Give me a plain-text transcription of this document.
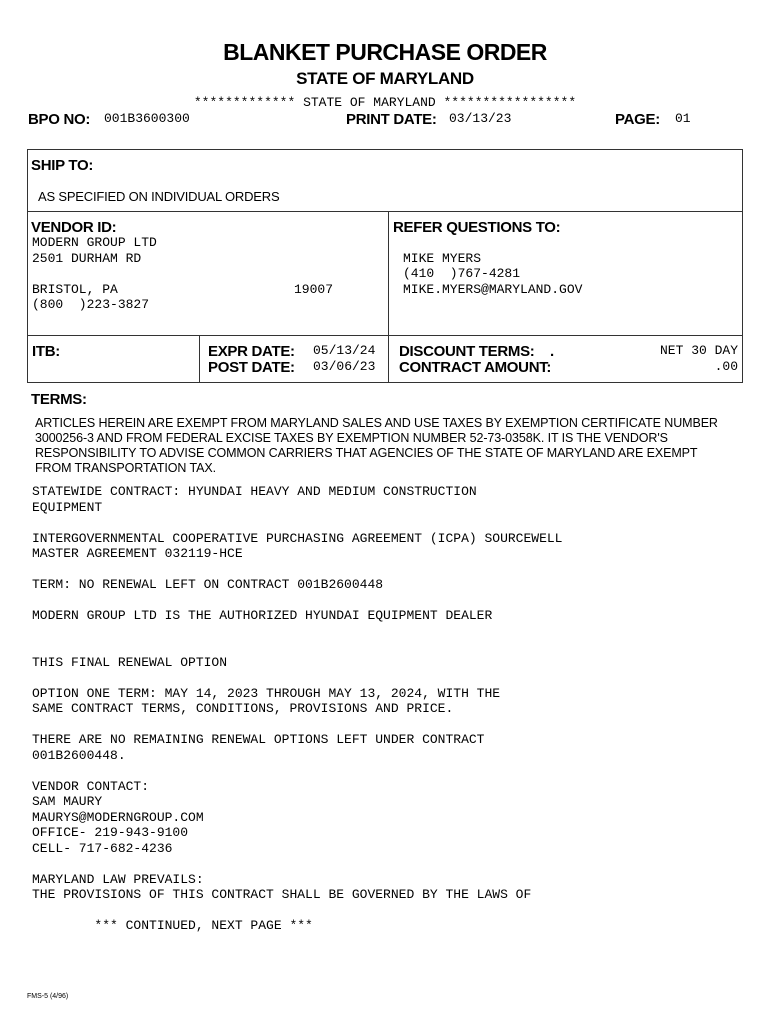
BLANKET PURCHASE ORDER
STATE OF MARYLAND
************* STATE OF MARYLAND *****************
BPO NO: 001B3600300	PRINT DATE: 03/13/23	PAGE: 01
SHIP TO:
AS SPECIFIED ON INDIVIDUAL ORDERS
VENDOR ID:
MODERN GROUP LTD
2501 DURHAM RD
BRISTOL, PA	19007
(800  )223-3827
REFER QUESTIONS TO:
MIKE MYERS
(410  )767-4281
MIKE.MYERS@MARYLAND.GOV
ITB:	EXPR DATE: 05/13/24
POST DATE: 03/06/23
DISCOUNT TERMS: .	NET 30 DAY
CONTRACT AMOUNT:	.00
TERMS:
ARTICLES HEREIN ARE EXEMPT FROM MARYLAND SALES AND USE TAXES BY EXEMPTION CERTIFICATE NUMBER 3000256-3 AND FROM FEDERAL EXCISE TAXES BY EXEMPTION NUMBER 52-73-0358K. IT IS THE VENDOR'S RESPONSIBILITY TO ADVISE COMMON CARRIERS THAT AGENCIES OF THE STATE OF MARYLAND ARE EXEMPT FROM TRANSPORTATION TAX.
STATEWIDE CONTRACT: HYUNDAI HEAVY AND MEDIUM CONSTRUCTION
EQUIPMENT
INTERGOVERNMENTAL COOPERATIVE PURCHASING AGREEMENT (ICPA) SOURCEWELL
MASTER AGREEMENT 032119-HCE
TERM: NO RENEWAL LEFT ON CONTRACT 001B2600448
MODERN GROUP LTD IS THE AUTHORIZED HYUNDAI EQUIPMENT DEALER
THIS FINAL RENEWAL OPTION
OPTION ONE TERM: MAY 14, 2023 THROUGH MAY 13, 2024, WITH THE
SAME CONTRACT TERMS, CONDITIONS, PROVISIONS AND PRICE.
THERE ARE NO REMAINING RENEWAL OPTIONS LEFT UNDER CONTRACT
001B2600448.
VENDOR CONTACT:
SAM MAURY
MAURYS@MODERNGROUP.COM
OFFICE- 219-943-9100
CELL- 717-682-4236
MARYLAND LAW PREVAILS:
THE PROVISIONS OF THIS CONTRACT SHALL BE GOVERNED BY THE LAWS OF
*** CONTINUED, NEXT PAGE ***
FMS-5 (4/96)
